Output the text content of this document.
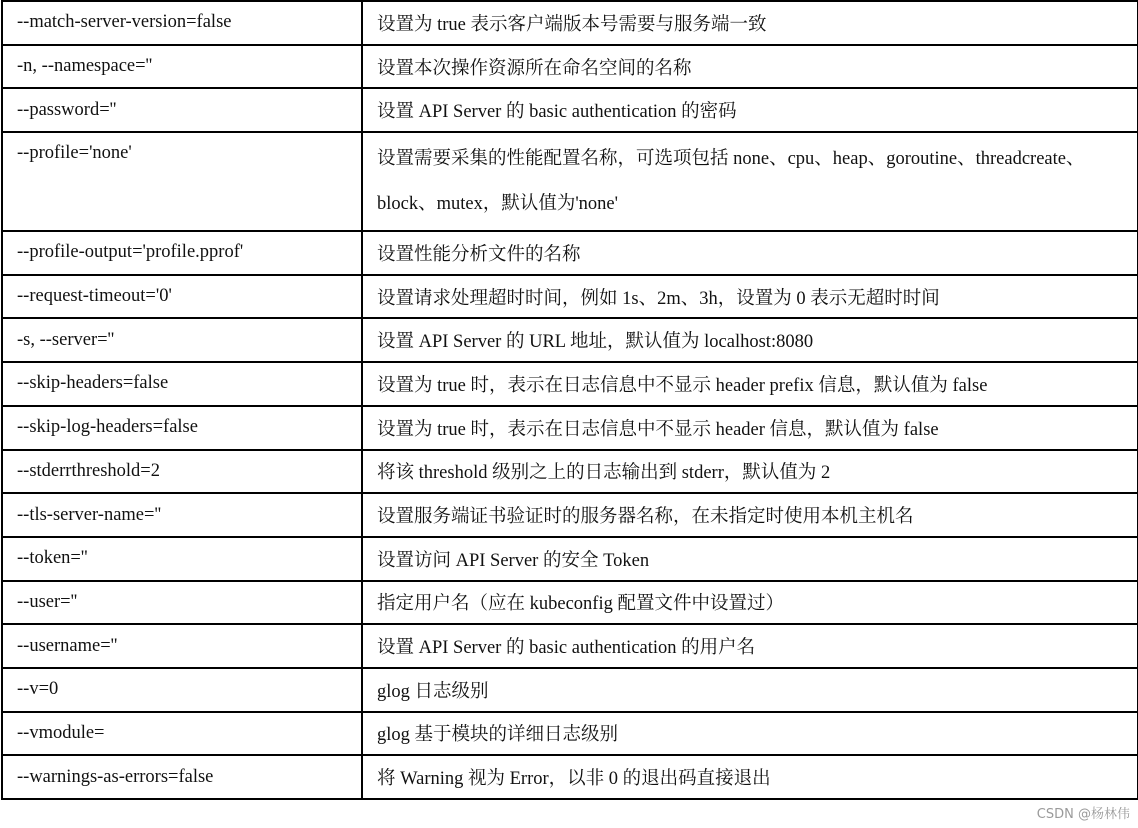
--match-server-version=false	设置为 true 表示客户端版本号需要与服务端一致
-n, --namespace=''	设置本次操作资源所在命名空间的名称
--password=''	设置 API Server 的 basic authentication 的密码
--profile='none'	设置需要采集的性能配置名称，可选项包括 none、cpu、heap、goroutine、threadcreate、block、mutex，默认值为'none'
--profile-output='profile.pprof'	设置性能分析文件的名称
--request-timeout='0'	设置请求处理超时时间，例如 1s、2m、3h，设置为 0 表示无超时时间
-s, --server=''	设置 API Server 的 URL 地址，默认值为 localhost:8080
--skip-headers=false	设置为 true 时，表示在日志信息中不显示 header prefix 信息，默认值为 false
--skip-log-headers=false	设置为 true 时，表示在日志信息中不显示 header 信息，默认值为 false
--stderrthreshold=2	将该 threshold 级别之上的日志输出到 stderr，默认值为 2
--tls-server-name=''	设置服务端证书验证时的服务器名称，在未指定时使用本机主机名
--token=''	设置访问 API Server 的安全 Token
--user=''	指定用户名（应在 kubeconfig 配置文件中设置过）
--username=''	设置 API Server 的 basic authentication 的用户名
--v=0	glog 日志级别
--vmodule=	glog 基于模块的详细日志级别
--warnings-as-errors=false	将 Warning 视为 Error，以非 0 的退出码直接退出
CSDN @杨林伟
